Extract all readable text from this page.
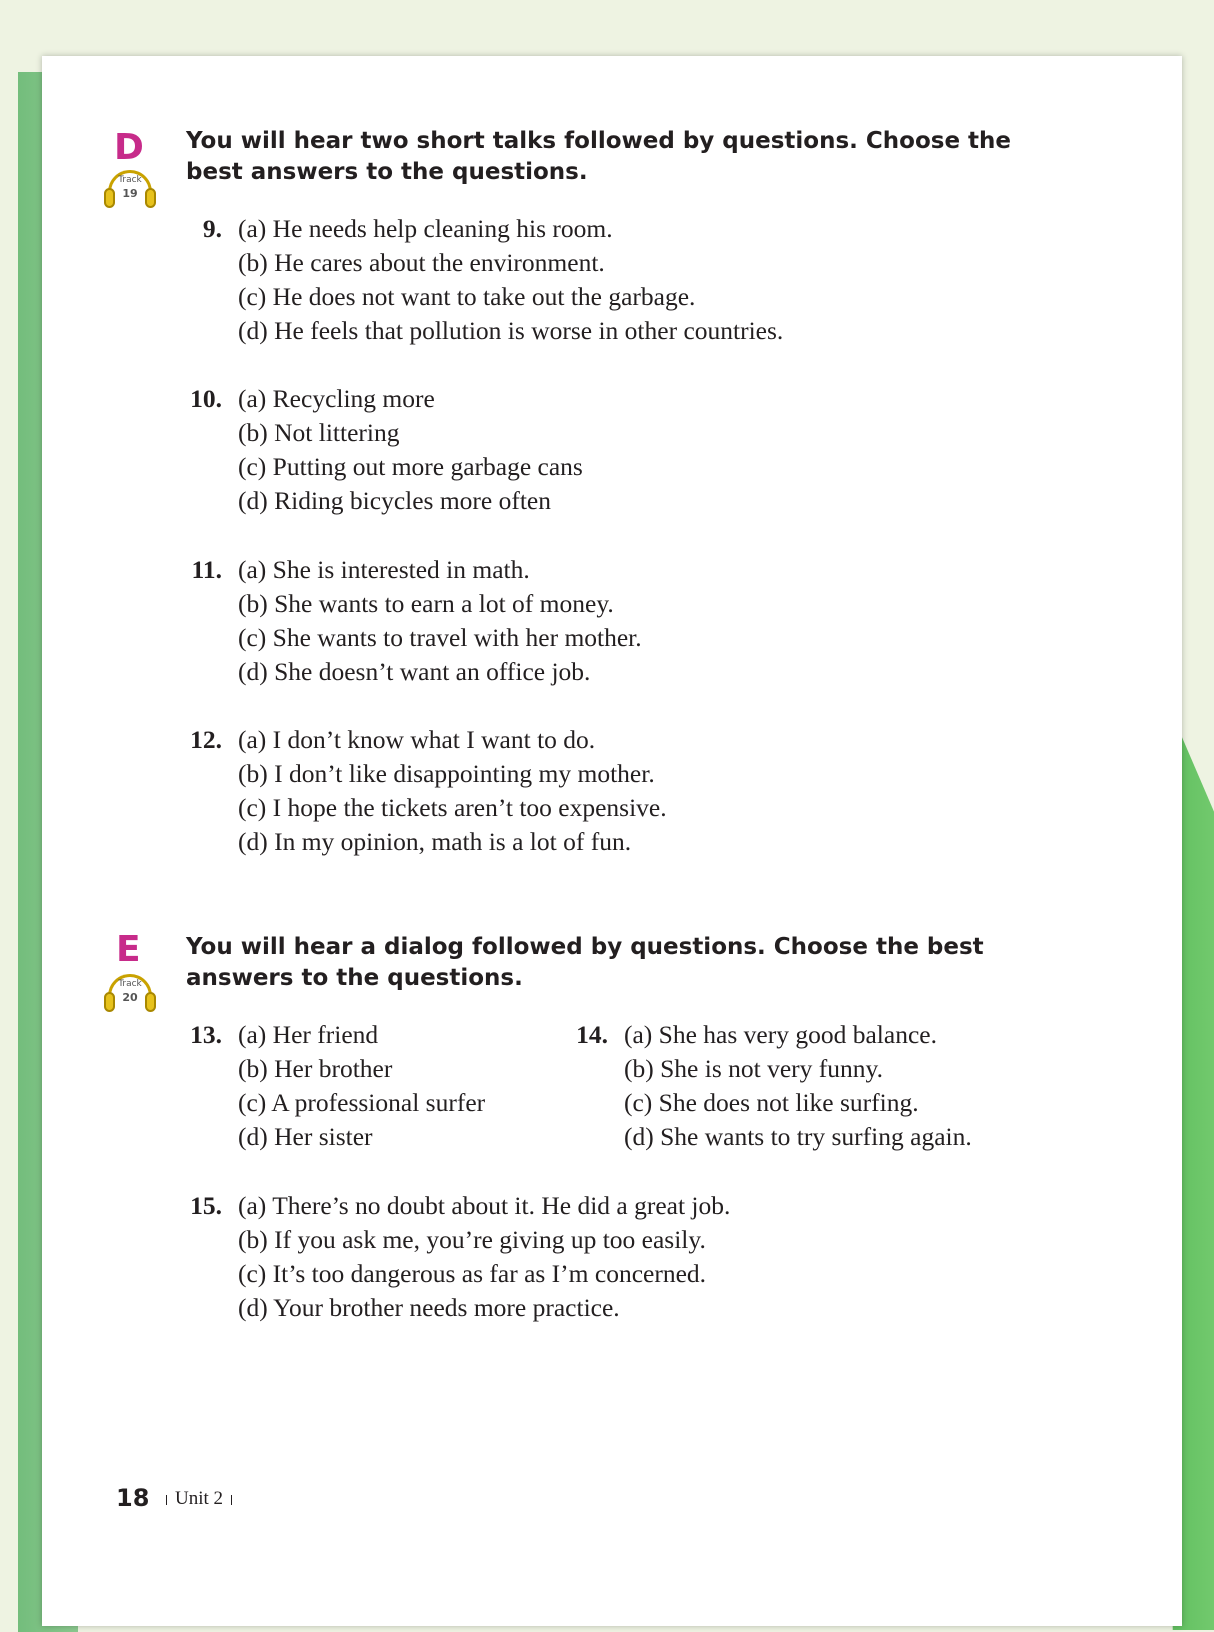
D
Track
19
You will hear two short talks followed by questions. Choose the best answers to the questions.
9. (a) He needs help cleaning his room.
(b) He cares about the environment.
(c) He does not want to take out the garbage.
(d) He feels that pollution is worse in other countries.
10. (a) Recycling more
(b) Not littering
(c) Putting out more garbage cans
(d) Riding bicycles more often
11. (a) She is interested in math.
(b) She wants to earn a lot of money.
(c) She wants to travel with her mother.
(d) She doesn’t want an office job.
12. (a) I don’t know what I want to do.
(b) I don’t like disappointing my mother.
(c) I hope the tickets aren’t too expensive.
(d) In my opinion, math is a lot of fun.
E
Track
20
You will hear a dialog followed by questions. Choose the best answers to the questions.
13. (a) Her friend
(b) Her brother
(c) A professional surfer
(d) Her sister
14. (a) She has very good balance.
(b) She is not very funny.
(c) She does not like surfing.
(d) She wants to try surfing again.
15. (a) There’s no doubt about it. He did a great job.
(b) If you ask me, you’re giving up too easily.
(c) It’s too dangerous as far as I’m concerned.
(d) Your brother needs more practice.
18	Unit 2
